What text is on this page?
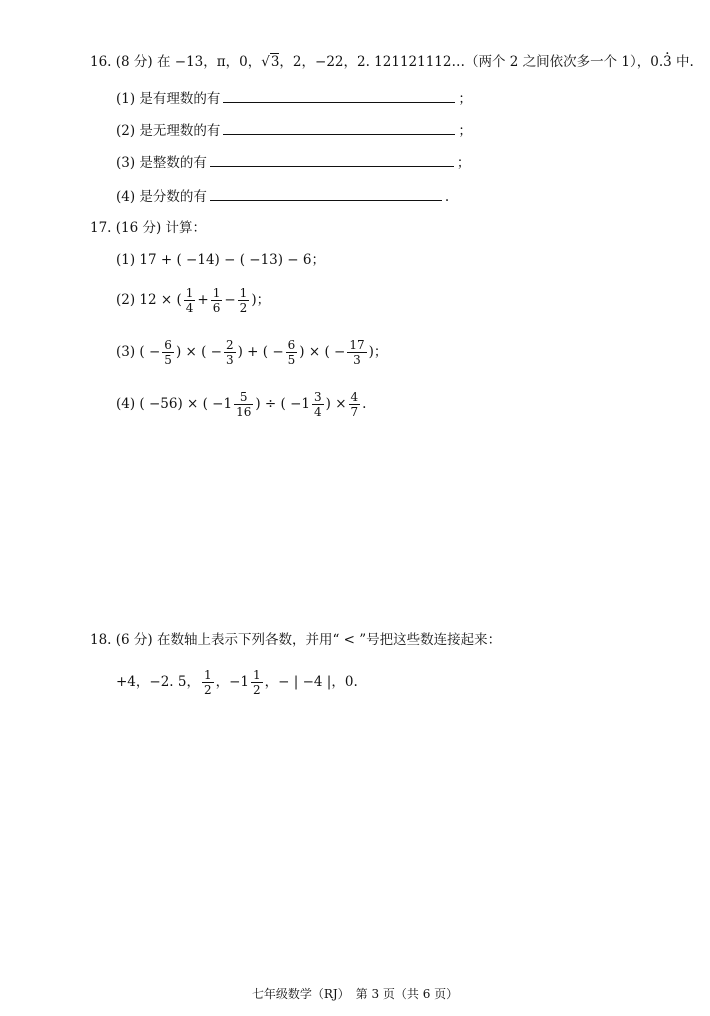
16. (8 分) 在 −13，π，0，√3，2，−22，2. 121121112…（两个 2 之间依次多一个 1），0.· 3 中.
(1) 是有理数的有	；
(2) 是无理数的有	；
(3) 是整数的有	；
(4) 是分数的有	.
17. (16 分) 计算：
(1) 17 + ( −14) − ( −13) − 6；
(2) 12 × ( $\frac{1}{4} + \frac{1}{6} - \frac{1}{2}$ )；
(3) ( − $\frac{6}{5}$ ) × ( − $\frac{2}{3}$ ) + ( − $\frac{6}{5}$ ) × ( − $\frac{17}{3}$ )；
(4) ( −56) × ( $-1 \frac{5}{16}$ ) ÷ ( $-1 \frac{3}{4}$ ) × $\frac{4}{7}$ .
18. (6 分) 在数轴上表示下列各数，并用“ < ”号把这些数连接起来：
+4，−2. 5， $\frac{1}{2}$ ，$-1 \frac{1}{2}$ ，− | −4 |，0.
七年级数学（RJ）　第 3 页（共 6 页）
